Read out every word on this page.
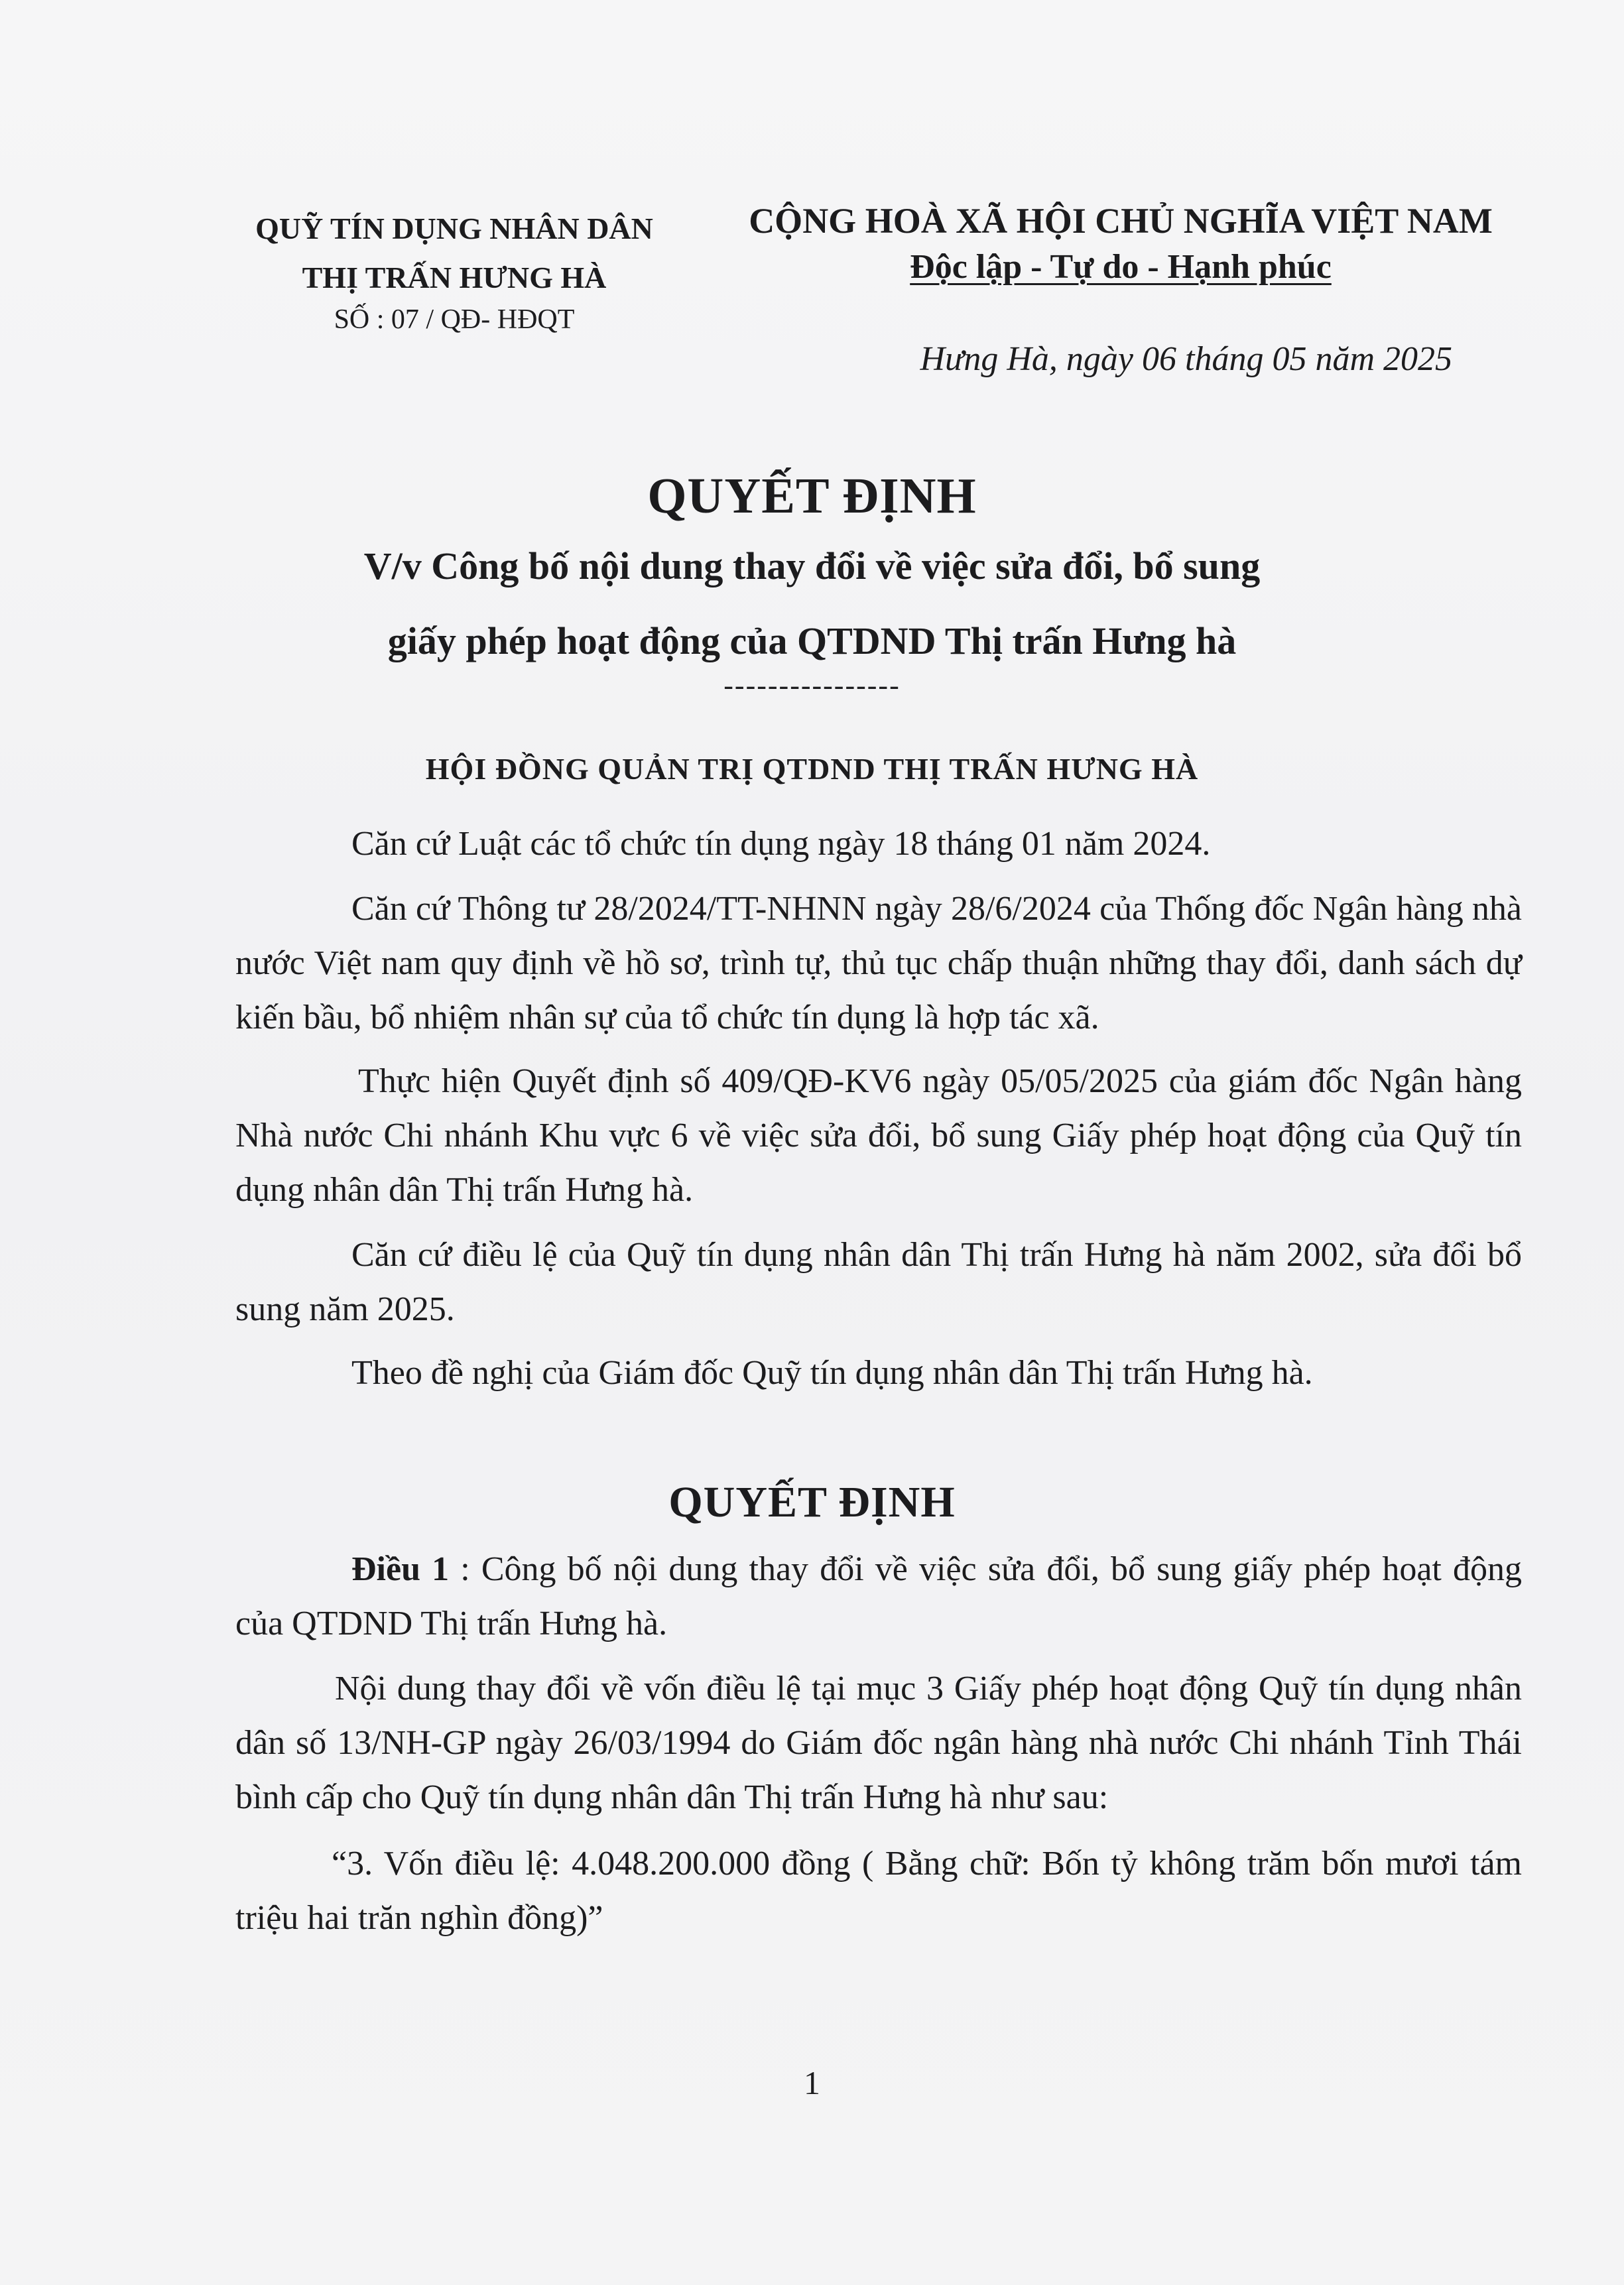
QUỸ TÍN DỤNG NHÂN DÂN
THỊ TRẤN HƯNG HÀ
SỐ : 07 / QĐ- HĐQT
CỘNG HOÀ XÃ HỘI CHỦ NGHĨA VIỆT NAM
Độc lập - Tự do - Hạnh phúc
Hưng Hà, ngày 06 tháng 05 năm 2025
QUYẾT ĐỊNH
V/v Công bố nội dung thay đổi về việc sửa đổi, bổ sung
giấy phép hoạt động của QTDND Thị trấn Hưng hà
----------------
HỘI ĐỒNG QUẢN TRỊ QTDND THỊ TRẤN HƯNG HÀ
Căn cứ Luật các tổ chức tín dụng ngày 18 tháng 01 năm 2024.
Căn cứ Thông tư 28/2024/TT-NHNN ngày 28/6/2024 của Thống đốc Ngân hàng nhà nước Việt nam quy định về hồ sơ, trình tự, thủ tục chấp thuận những thay đổi, danh sách dự kiến bầu, bổ nhiệm nhân sự của tổ chức tín dụng là hợp tác xã.
Thực hiện Quyết định số 409/QĐ-KV6 ngày 05/05/2025 của giám đốc Ngân hàng Nhà nước Chi nhánh Khu vực 6 về việc sửa đổi, bổ sung Giấy phép hoạt động của Quỹ tín dụng nhân dân Thị trấn Hưng hà.
Căn cứ điều lệ của Quỹ tín dụng nhân dân Thị trấn Hưng hà năm 2002, sửa đổi bổ sung năm 2025.
Theo đề nghị của Giám đốc Quỹ tín dụng nhân dân Thị trấn Hưng hà.
QUYẾT ĐỊNH
Điều 1 : Công bố nội dung thay đổi về việc sửa đổi, bổ sung giấy phép hoạt động của QTDND Thị trấn Hưng hà.
Nội dung thay đổi về vốn điều lệ tại mục 3 Giấy phép hoạt động Quỹ tín dụng nhân dân số 13/NH-GP ngày 26/03/1994 do Giám đốc ngân hàng nhà nước Chi nhánh Tỉnh Thái bình cấp cho Quỹ tín dụng nhân dân Thị trấn Hưng hà như sau:
“3. Vốn điều lệ: 4.048.200.000 đồng ( Bằng chữ: Bốn tỷ không trăm bốn mươi tám triệu hai trăn nghìn đồng)”
1
